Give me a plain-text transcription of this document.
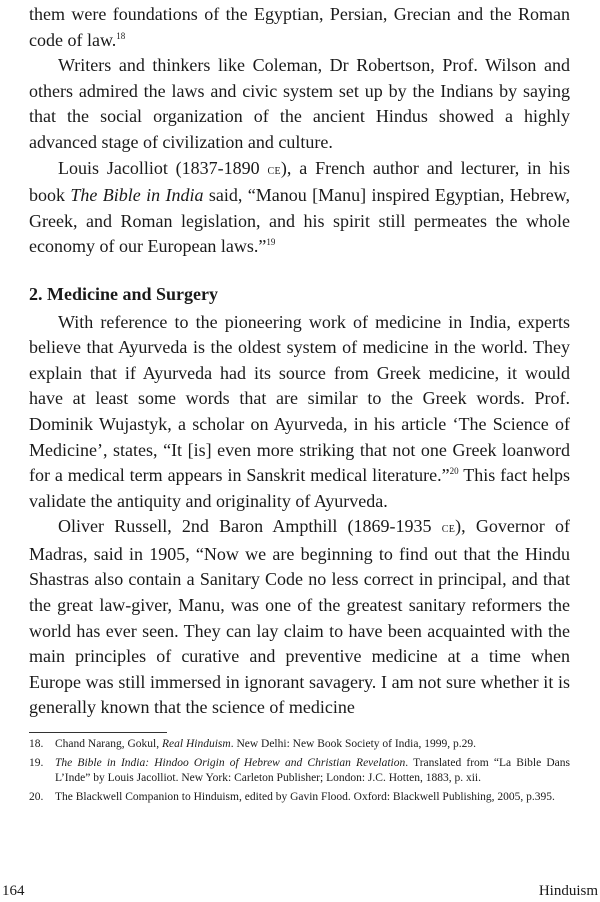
them were foundations of the Egyptian, Persian, Grecian and the Roman code of law.$^{18}$

Writers and thinkers like Coleman, Dr Robertson, Prof. Wilson and others admired the laws and civic system set up by the Indians by saying that the social organization of the ancient Hindus showed a highly advanced stage of civilization and culture.

Louis Jacolliot (1837-1890 ce), a French author and lecturer, in his book The Bible in India said, “Manou [Manu] inspired Egyptian, Hebrew, Greek, and Roman legislation, and his spirit still permeates the whole economy of our European laws.”$^{19}$

2. Medicine and Surgery

With reference to the pioneering work of medicine in India, experts believe that Ayurveda is the oldest system of medicine in the world. They explain that if Ayurveda had its source from Greek medicine, it would have at least some words that are similar to the Greek words. Prof. Dominik Wujastyk, a scholar on Ayurveda, in his article ‘The Science of Medicine’, states, “It [is] even more striking that not one Greek loanword for a medical term appears in Sanskrit medical literature.”$^{20}$ This fact helps validate the antiquity and originality of Ayurveda.

Oliver Russell, 2nd Baron Ampthill (1869-1935 ce), Governor of Madras, said in 1905, “Now we are beginning to find out that the Hindu Shastras also contain a Sanitary Code no less correct in principal, and that the great law-giver, Manu, was one of the greatest sanitary reformers the world has ever seen. They can lay claim to have been acquainted with the main principles of curative and preventive medicine at a time when Europe was still immersed in ignorant savagery. I am not sure whether it is generally known that the science of medicine

18.	Chand Narang, Gokul, Real Hinduism. New Delhi: New Book Society of India, 1999, p.29.
19.	The Bible in India: Hindoo Origin of Hebrew and Christian Revelation. Translated from “La Bible Dans L’Inde” by Louis Jacolliot. New York: Carleton Publisher; London: J.C. Hotten, 1883, p. xii.
20.	The Blackwell Companion to Hinduism, edited by Gavin Flood. Oxford: Blackwell Publishing, 2005, p.395.
164	Hinduism
